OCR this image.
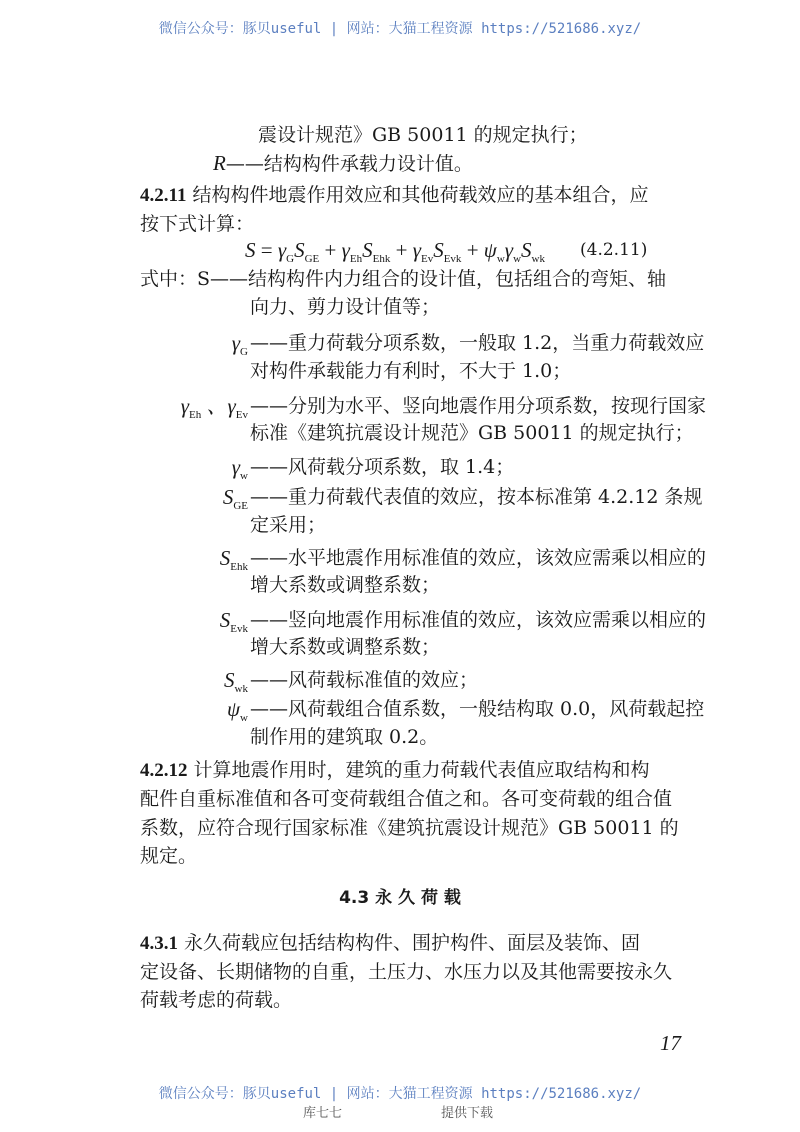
微信公众号：豚贝useful | 网站：大猫工程资源 https://521686.xyz/
震设计规范》GB 50011 的规定执行；
R——结构构件承载力设计值。
4.2.11 结构构件地震作用效应和其他荷载效应的基本组合，应
按下式计算：
$S = \gamma_GS_{GE} + \gamma_{Eh}S_{Ehk} + \gamma_{Ev}S_{Evk} + \psi_w\gamma_wS_{wk}$ (4.2.11)
式中：S——结构构件内力组合的设计值，包括组合的弯矩、轴
向力、剪力设计值等；
$\gamma_G$ ——重力荷载分项系数，一般取 1.2，当重力荷载效应
对构件承载能力有利时，不大于 1.0；
$\gamma_{Eh}$ 、$\gamma_{Ev}$ ——分别为水平、竖向地震作用分项系数，按现行国家
标准《建筑抗震设计规范》GB 50011 的规定执行；
$\gamma_w$ ——风荷载分项系数，取 1.4；
$S_{GE}$ ——重力荷载代表值的效应，按本标准第 4.2.12 条规
定采用；
$S_{Ehk}$ ——水平地震作用标准值的效应，该效应需乘以相应的
增大系数或调整系数；
$S_{Evk}$ ——竖向地震作用标准值的效应，该效应需乘以相应的
增大系数或调整系数；
$S_{wk}$ ——风荷载标准值的效应；
$\psi_w$ ——风荷载组合值系数，一般结构取 0.0，风荷载起控
制作用的建筑取 0.2。
4.2.12 计算地震作用时，建筑的重力荷载代表值应取结构和构
配件自重标准值和各可变荷载组合值之和。各可变荷载的组合值
系数，应符合现行国家标准《建筑抗震设计规范》GB 50011 的
规定。
4.3 永 久 荷 载
4.3.1 永久荷载应包括结构构件、围护构件、面层及装饰、固
定设备、长期储物的自重，土压力、水压力以及其他需要按永久
荷载考虑的荷载。
17
微信公众号：豚贝useful | 网站：大猫工程资源 https://521686.xyz/
库七七	提供下载
